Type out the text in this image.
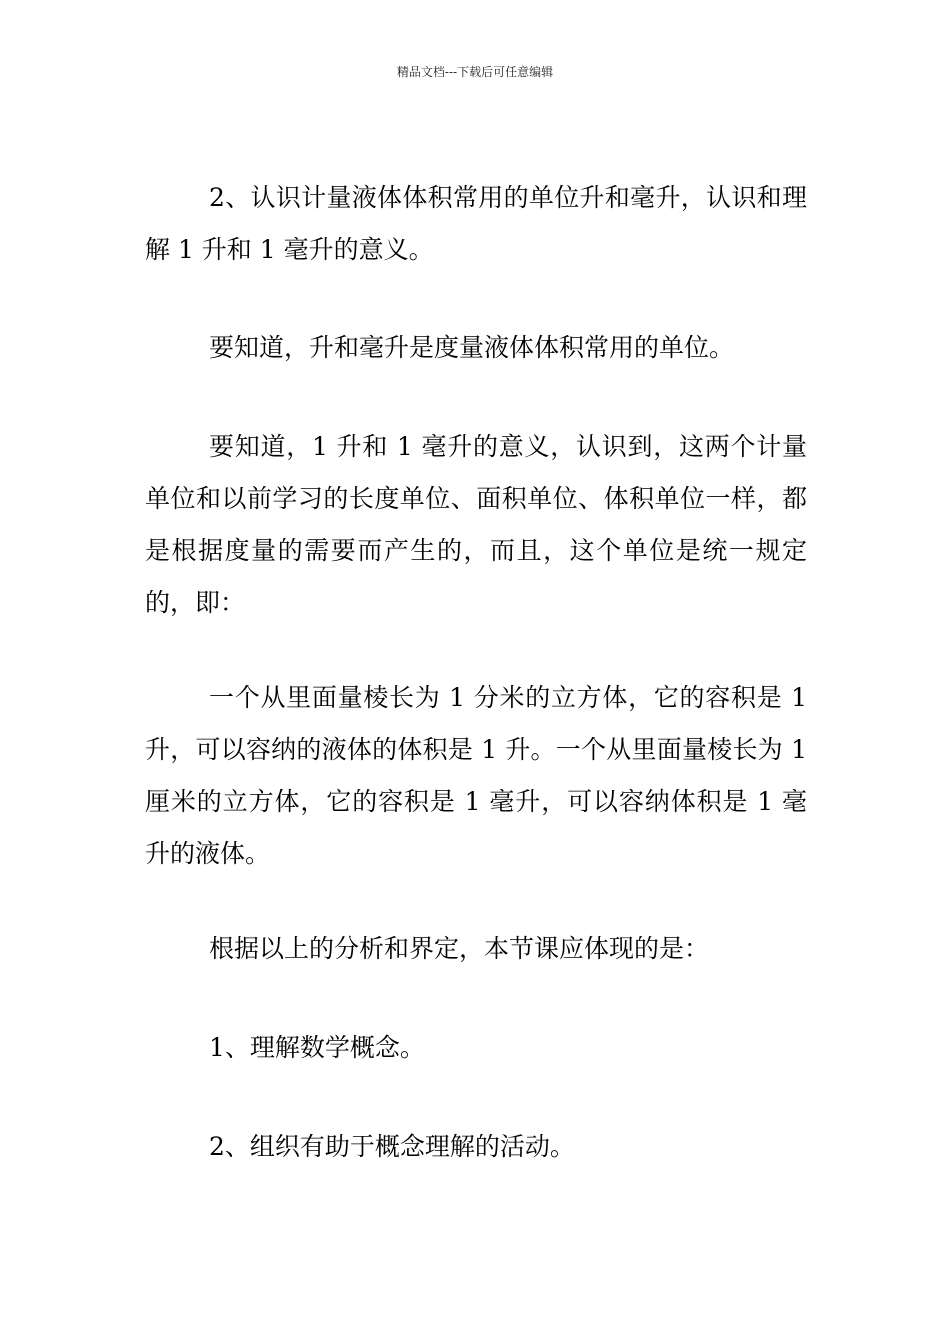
精品文档---下载后可任意编辑

2、认识计量液体体积常用的单位升和毫升，认识和理解 1 升和 1 毫升的意义。

要知道，升和毫升是度量液体体积常用的单位。

要知道，1 升和 1 毫升的意义，认识到，这两个计量单位和以前学习的长度单位、面积单位、体积单位一样，都是根据度量的需要而产生的，而且，这个单位是统一规定的，即：

一个从里面量棱长为 1 分米的立方体，它的容积是 1 升，可以容纳的液体的体积是 1 升。一个从里面量棱长为 1 厘米的立方体，它的容积是 1 毫升，可以容纳体积是 1 毫升的液体。

根据以上的分析和界定，本节课应体现的是：

1、理解数学概念。

2、组织有助于概念理解的活动。
